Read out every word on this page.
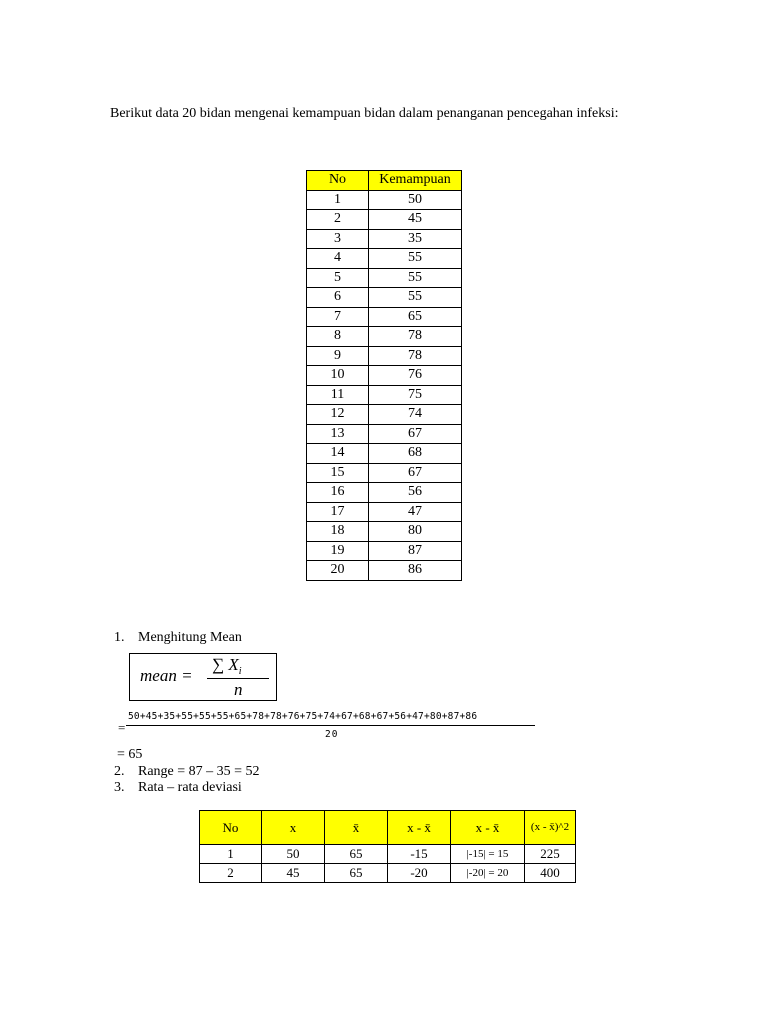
Berikut data 20 bidan mengenai kemampuan bidan dalam penanganan pencegahan infeksi:

No	Kemampuan
1	50
2	45
3	35
4	55
5	55
6	55
7	65
8	78
9	78
10	76
11	75
12	74
13	67
14	68
15	67
16	56
17	47
18	80
19	87
20	86
1. Menghitung Mean
mean =
∑ $X_i$
n
=
50+45+35+55+55+55+65+78+78+76+75+74+67+68+67+56+47+80+87+86
20
= 65
2. Range = 87 – 35 = 52
3. Rata – rata deviasi
No	x	x̄	x - x̄	x - x̄	(x - x̄)^2
1	50	65	-15	|-15| = 15	225
2	45	65	-20	|-20| = 20	400
